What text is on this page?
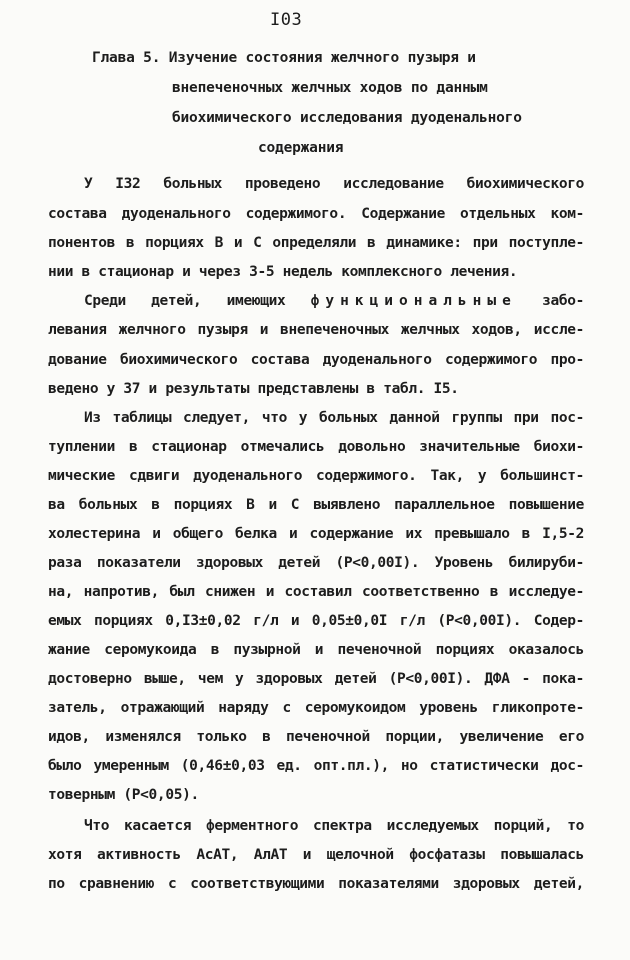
I03
Глава 5. Изучение состояния желчного пузыря и
внепеченочных желчных ходов по данным
биохимического исследования дуоденального
содержания
У I32 больных проведено исследование биохимического
состава дуоденального содержимого. Содержание отдельных ком-
понентов в порциях В и С определяли в динамике: при поступле-
нии в стационар и через 3-5 недель комплексного лечения.
Среди детей, имеющих функциональные забо-
левания желчного пузыря и внепеченочных желчных ходов, иссле-
дование биохимического состава дуоденального содержимого про-
ведено у 37 и результаты представлены в табл. I5.
Из таблицы следует, что у больных данной группы при пос-
туплении в стационар отмечались довольно значительные биохи-
мические сдвиги дуоденального содержимого. Так, у большинст-
ва больных в порциях В и С выявлено параллельное повышение
холестерина и общего белка и содержание их превышало в I,5-2
раза показатели здоровых детей (Р<0,00I). Уровень билируби-
на, напротив, был снижен и составил соответственно в исследуе-
емых порциях 0,I3±0,02 г/л и 0,05±0,0I г/л (Р<0,00I). Содер-
жание серомукоида в пузырной и печеночной порциях оказалось
достоверно выше, чем у здоровых детей (Р<0,00I). ДФА - пока-
затель, отражающий наряду с серомукоидом уровень гликопроте-
идов, изменялся только в печеночной порции, увеличение его
было умеренным (0,46±0,03 ед. опт.пл.), но статистически дос-
товерным (Р<0,05).
Что касается ферментного спектра исследуемых порций, то
хотя активность АсАТ, АлАТ и щелочной фосфатазы повышалась
по сравнению с соответствующими показателями здоровых детей,
